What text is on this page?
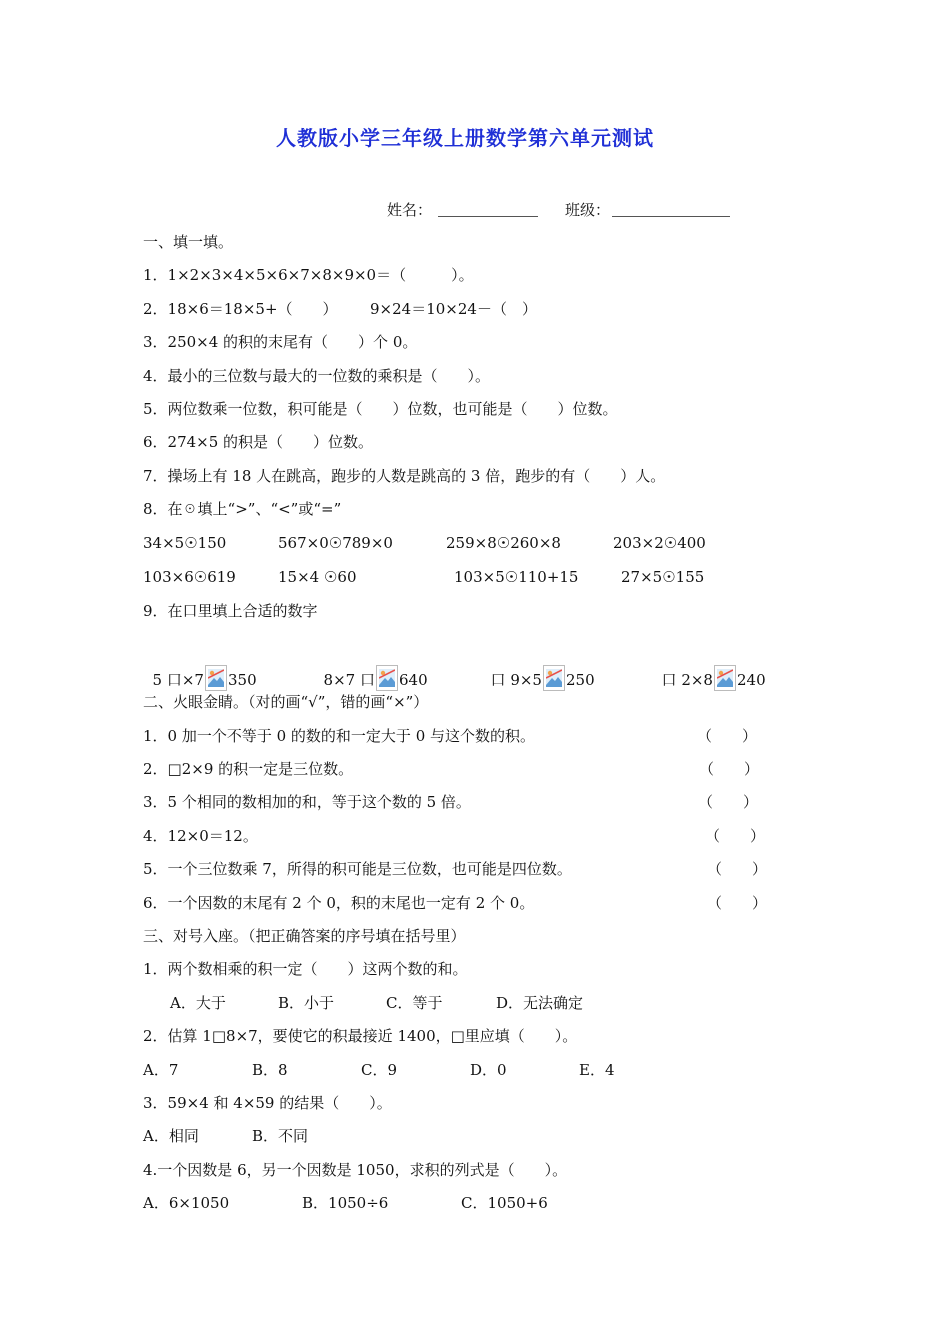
人教版小学三年级上册数学第六单元测试
姓名：	班级：
一、填一填。
1．1×2×3×4×5×6×7×8×9×0＝（　　　）。
2．18×6＝18×5+（　　） 9×24＝10×24－（　）
3．250×4 的积的末尾有（　　）个 0。
4．最小的三位数与最大的一位数的乘积是（　　）。
5．两位数乘一位数，积可能是（　　）位数，也可能是（　　）位数。
6．274×5 的积是（　　）位数。
7．操场上有 18 人在跳高，跑步的人数是跳高的 3 倍，跑步的有（　　）人。
8．在☉填上“>”、“<”或“=”
34×5☉150	567×0☉789×0	259×8☉260×8	203×2☉400
103×6☉619	15×4 ☉60	103×5☉110+15	27×5☉155
9．在口里填上合适的数字

5 口×7 350	8×7 口 640	口 9×5 250	口 2×8 240

二、火眼金睛。（对的画“√”，错的画“×”）
1．0 加一个不等于 0 的数的和一定大于 0 与这个数的积。	（　　）
2．□2×9 的积一定是三位数。	（　　）
3．5 个相同的数相加的和，等于这个数的 5 倍。	（　　）
4．12×0＝12。	（　　）
5．一个三位数乘 7，所得的积可能是三位数，也可能是四位数。	（　　）
6．一个因数的末尾有 2 个 0，积的末尾也一定有 2 个 0。	（　　）
三、对号入座。（把正确答案的序号填在括号里）
1．两个数相乘的积一定（　　）这两个数的和。
A．大于	B．小于	C．等于	D．无法确定
2．估算 1□8×7，要使它的积最接近 1400，□里应填（　　）。
A．7	B．8	C．9	D．0	E．4
3．59×4 和 4×59 的结果（　　）。
A．相同	B．不同
4.一个因数是 6，另一个因数是 1050，求积的列式是（　　）。
A．6×1050	B．1050÷6	C．1050+6
